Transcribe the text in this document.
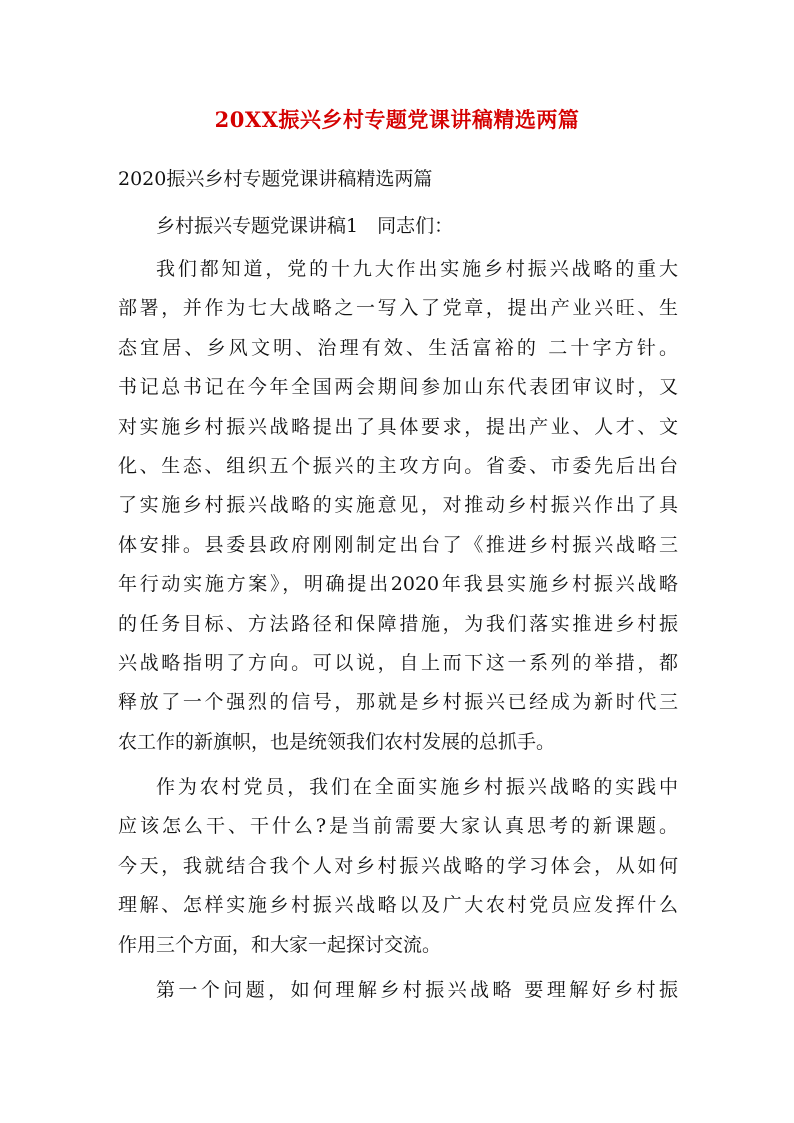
20XX振兴乡村专题党课讲稿精选两篇

2020振兴乡村专题党课讲稿精选两篇

乡村振兴专题党课讲稿1　同志们：

我们都知道，党的十九大作出实施乡村振兴战略的重大
部署，并作为七大战略之一写入了党章，提出产业兴旺、生
态宜居、乡风文明、治理有效、生活富裕的 二十字方针。
书记总书记在今年全国两会期间参加山东代表团审议时，又
对实施乡村振兴战略提出了具体要求，提出产业、人才、文
化、生态、组织五个振兴的主攻方向。省委、市委先后出台
了实施乡村振兴战略的实施意见，对推动乡村振兴作出了具
体安排。县委县政府刚刚制定出台了《推进乡村振兴战略三
年行动实施方案》，明确提出2020年我县实施乡村振兴战略
的任务目标、方法路径和保障措施，为我们落实推进乡村振
兴战略指明了方向。可以说，自上而下这一系列的举措，都
释放了一个强烈的信号，那就是乡村振兴已经成为新时代三
农工作的新旗帜，也是统领我们农村发展的总抓手。
作为农村党员，我们在全面实施乡村振兴战略的实践中
应该怎么干、干什么?是当前需要大家认真思考的新课题。
今天，我就结合我个人对乡村振兴战略的学习体会，从如何
理解、怎样实施乡村振兴战略以及广大农村党员应发挥什么
作用三个方面，和大家一起探讨交流。
第一个问题，如何理解乡村振兴战略 要理解好乡村振
